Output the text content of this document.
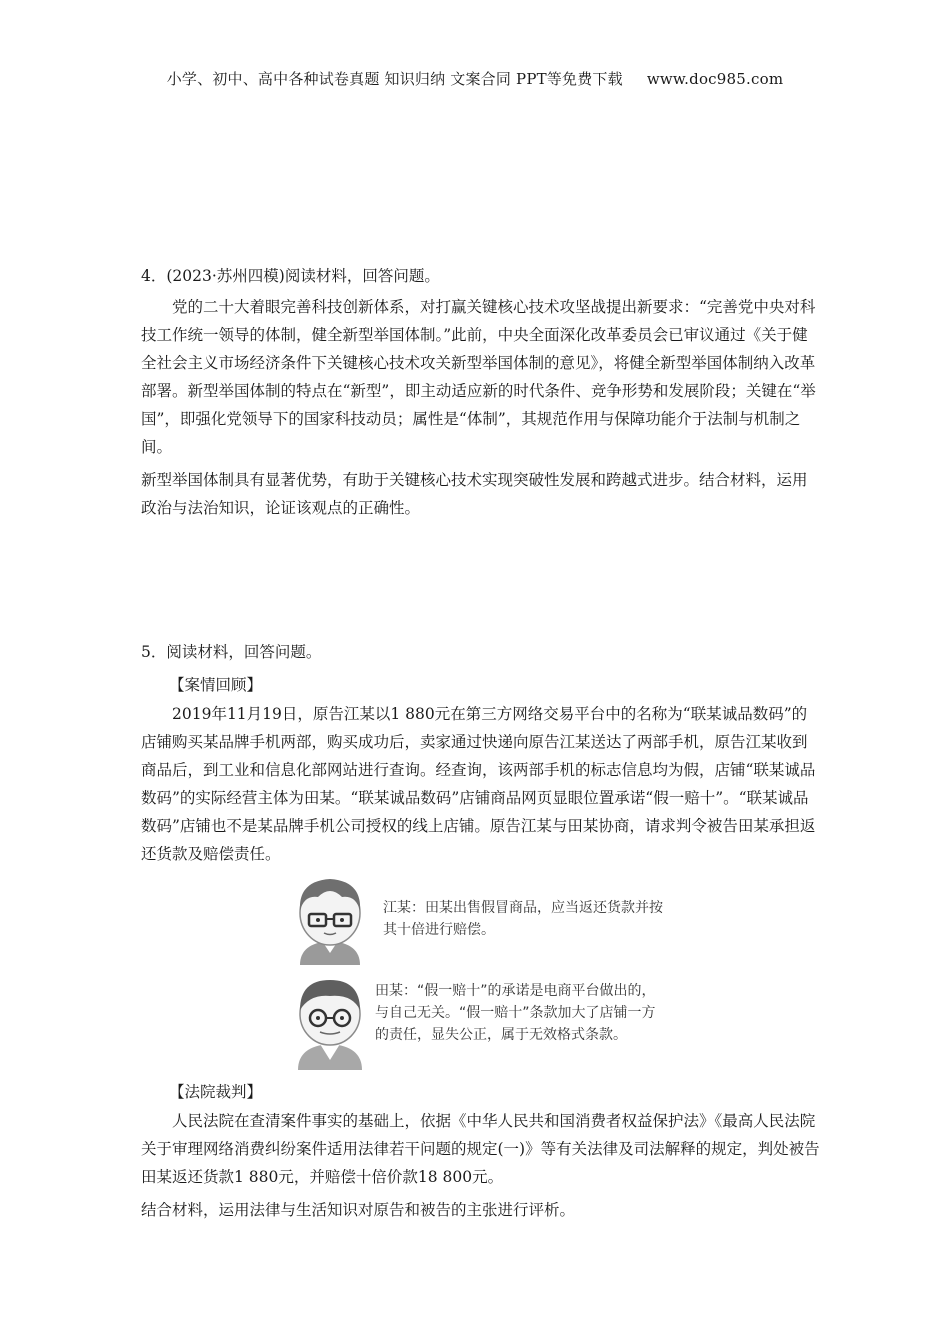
小学、初中、高中各种试卷真题 知识归纳 文案合同 PPT等免费下载 www.doc985.com

4．(2023·苏州四模)阅读材料，回答问题。

党的二十大着眼完善科技创新体系，对打赢关键核心技术攻坚战提出新要求：“完善党中央对科技工作统一领导的体制，健全新型举国体制。”此前，中央全面深化改革委员会已审议通过《关于健全社会主义市场经济条件下关键核心技术攻关新型举国体制的意见》，将健全新型举国体制纳入改革部署。新型举国体制的特点在“新型”，即主动适应新的时代条件、竞争形势和发展阶段；关键在“举国”，即强化党领导下的国家科技动员；属性是“体制”，其规范作用与保障功能介于法制与机制之间。

新型举国体制具有显著优势，有助于关键核心技术实现突破性发展和跨越式进步。结合材料，运用政治与法治知识，论证该观点的正确性。

5．阅读材料，回答问题。

【案情回顾】

2019年11月19日，原告江某以1 880元在第三方网络交易平台中的名称为“联某诚品数码”的店铺购买某品牌手机两部，购买成功后，卖家通过快递向原告江某送达了两部手机，原告江某收到商品后，到工业和信息化部网站进行查询。经查询，该两部手机的标志信息均为假，店铺“联某诚品数码”的实际经营主体为田某。“联某诚品数码”店铺商品网页显眼位置承诺“假一赔十”。“联某诚品数码”店铺也不是某品牌手机公司授权的线上店铺。原告江某与田某协商，请求判令被告田某承担返还货款及赔偿责任。

江某：田某出售假冒商品，应当返还货款并按其十倍进行赔偿。
田某：“假一赔十”的承诺是电商平台做出的，与自己无关。“假一赔十”条款加大了店铺一方的责任，显失公正，属于无效格式条款。

【法院裁判】

人民法院在查清案件事实的基础上，依据《中华人民共和国消费者权益保护法》《最高人民法院关于审理网络消费纠纷案件适用法律若干问题的规定(一)》等有关法律及司法解释的规定，判处被告田某返还货款1 880元，并赔偿十倍价款18 800元。

结合材料，运用法律与生活知识对原告和被告的主张进行评析。
